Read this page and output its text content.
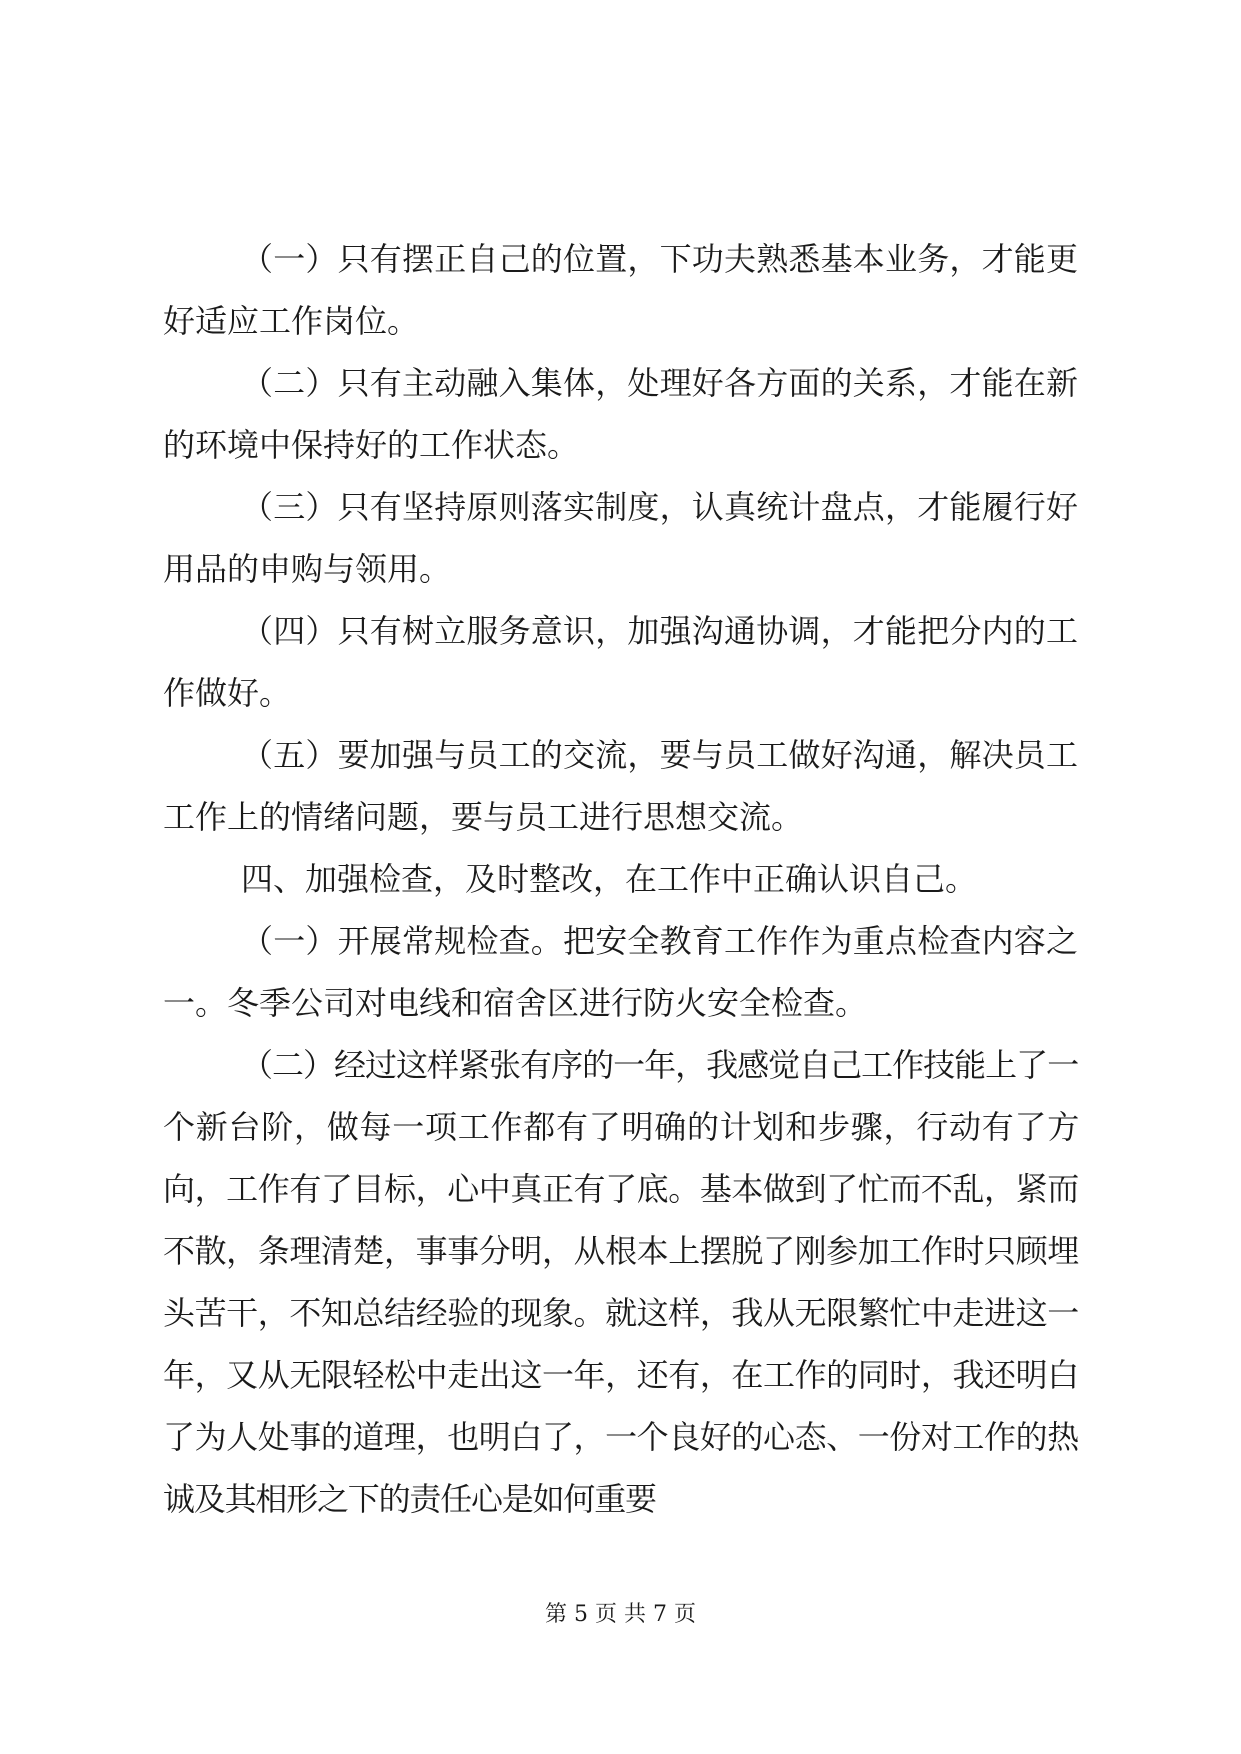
（一）只有摆正自己的位置，下功夫熟悉基本业务，才能更好适应工作岗位。

（二）只有主动融入集体，处理好各方面的关系，才能在新的环境中保持好的工作状态。

（三）只有坚持原则落实制度，认真统计盘点，才能履行好用品的申购与领用。

（四）只有树立服务意识，加强沟通协调，才能把分内的工作做好。

（五）要加强与员工的交流，要与员工做好沟通，解决员工工作上的情绪问题，要与员工进行思想交流。

四、加强检查，及时整改，在工作中正确认识自己。

（一）开展常规检查。把安全教育工作作为重点检查内容之一。冬季公司对电线和宿舍区进行防火安全检查。

（二）经过这样紧张有序的一年，我感觉自己工作技能上了一个新台阶，做每一项工作都有了明确的计划和步骤，行动有了方向，工作有了目标，心中真正有了底。基本做到了忙而不乱，紧而不散，条理清楚，事事分明，从根本上摆脱了刚参加工作时只顾埋头苦干，不知总结经验的现象。就这样，我从无限繁忙中走进这一年，又从无限轻松中走出这一年，还有，在工作的同时，我还明白了为人处事的道理，也明白了，一个良好的心态、一份对工作的热诚及其相形之下的责任心是如何重要

第 5 页 共 7 页
